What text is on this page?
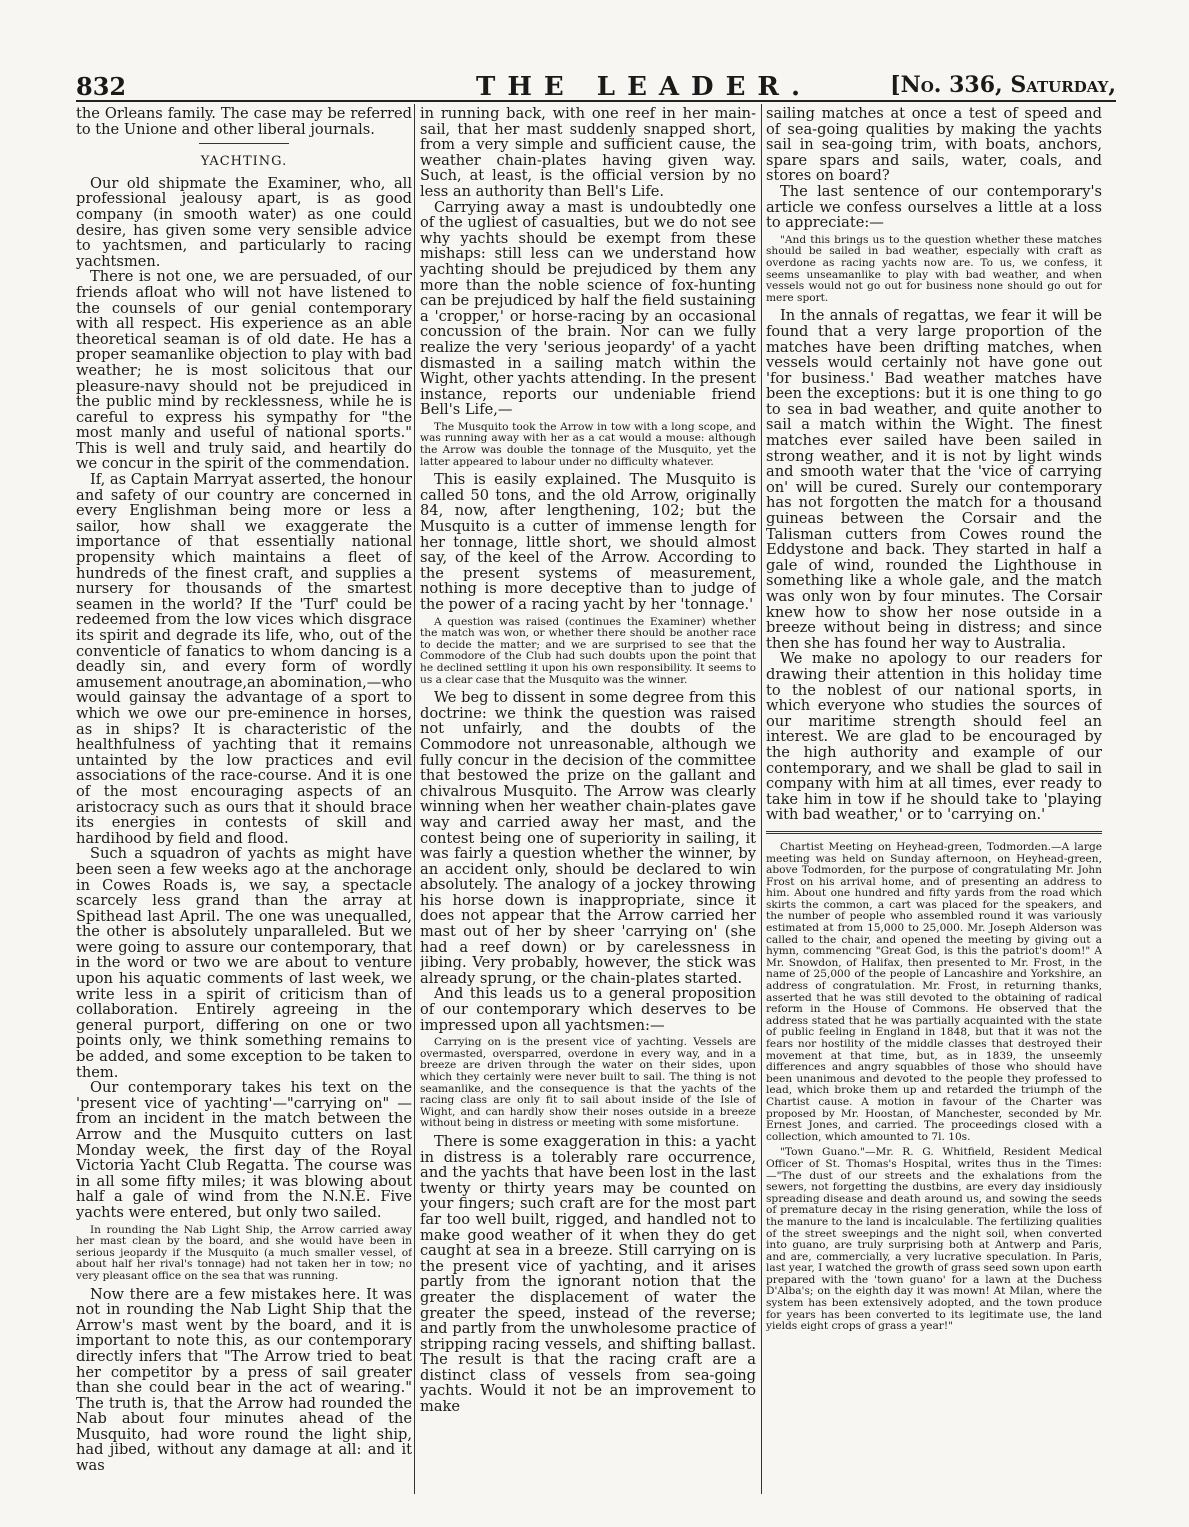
832	THE LEADER.	[No. 336, Saturday,

the Orleans family. The case may be referred to the Unione and other liberal journals.

YACHTING.

Our old shipmate the Examiner, who, all professional jealousy apart, is as good company (in smooth water) as one could desire, has given some very sensible advice to yachtsmen, and particularly to racing yachtsmen.

There is not one, we are persuaded, of our friends afloat who will not have listened to the counsels of our genial contemporary with all respect. His experience as an able theoretical seaman is of old date. He has a proper seamanlike objection to play with bad weather; he is most solicitous that our pleasure-navy should not be prejudiced in the public mind by recklessness, while he is careful to express his sympathy for "the most manly and useful of national sports." This is well and truly said, and heartily do we concur in the spirit of the commendation.

If, as Captain Marryat asserted, the honour and safety of our country are concerned in every Englishman being more or less a sailor, how shall we exaggerate the importance of that essentially national propensity which maintains a fleet of hundreds of the finest craft, and supplies a nursery for thousands of the smartest seamen in the world? If the 'Turf' could be redeemed from the low vices which disgrace its spirit and degrade its life, who, out of the conventicle of fanatics to whom dancing is a deadly sin, and every form of wordly amusement anoutrage,an abomination,—who would gainsay the advantage of a sport to which we owe our pre-eminence in horses, as in ships? It is characteristic of the healthfulness of yachting that it remains untainted by the low practices and evil associations of the race-course. And it is one of the most encouraging aspects of an aristocracy such as ours that it should brace its energies in contests of skill and hardihood by field and flood.

Such a squadron of yachts as might have been seen a few weeks ago at the anchorage in Cowes Roads is, we say, a spectacle scarcely less grand than the array at Spithead last April. The one was unequalled, the other is absolutely unparalleled. But we were going to assure our contemporary, that in the word or two we are about to venture upon his aquatic comments of last week, we write less in a spirit of criticism than of collaboration. Entirely agreeing in the general purport, differing on one or two points only, we think something remains to be added, and some exception to be taken to them.

Our contemporary takes his text on the 'present vice of yachting'—"carrying on" —from an incident in the match between the Arrow and the Musquito cutters on last Monday week, the first day of the Royal Victoria Yacht Club Regatta. The course was in all some fifty miles; it was blowing about half a gale of wind from the N.N.E. Five yachts were entered, but only two sailed.

In rounding the Nab Light Ship, the Arrow carried away her mast clean by the board, and she would have been in serious jeopardy if the Musquito (a much smaller vessel, of about half her rival's tonnage) had not taken her in tow; no very pleasant office on the sea that was running.

Now there are a few mistakes here. It was not in rounding the Nab Light Ship that the Arrow's mast went by the board, and it is important to note this, as our contemporary directly infers that "The Arrow tried to beat her competitor by a press of sail greater than she could bear in the act of wearing." The truth is, that the Arrow had rounded the Nab about four minutes ahead of the Musquito, had wore round the light ship, had jibed, without any damage at all: and it was

in running back, with one reef in her main-sail, that her mast suddenly snapped short, from a very simple and sufficient cause, the weather chain-plates having given way. Such, at least, is the official version by no less an authority than Bell's Life.

Carrying away a mast is undoubtedly one of the ugliest of casualties, but we do not see why yachts should be exempt from these mishaps: still less can we understand how yachting should be prejudiced by them any more than the noble science of fox-hunting can be prejudiced by half the field sustaining a 'cropper,' or horse-racing by an occasional concussion of the brain. Nor can we fully realize the very 'serious jeopardy' of a yacht dismasted in a sailing match within the Wight, other yachts attending. In the present instance, reports our undeniable friend Bell's Life,—

The Musquito took the Arrow in tow with a long scope, and was running away with her as a cat would a mouse: although the Arrow was double the tonnage of the Musquito, yet the latter appeared to labour under no difficulty whatever.

This is easily explained. The Musquito is called 50 tons, and the old Arrow, originally 84, now, after lengthening, 102; but the Musquito is a cutter of immense length for her tonnage, little short, we should almost say, of the keel of the Arrow. According to the present systems of measurement, nothing is more deceptive than to judge of the power of a racing yacht by her 'tonnage.'

A question was raised (continues the Examiner) whether the match was won, or whether there should be another race to decide the matter; and we are surprised to see that the Commodore of the Club had such doubts upon the point that he declined settling it upon his own responsibility. It seems to us a clear case that the Musquito was the winner.

We beg to dissent in some degree from this doctrine: we think the question was raised not unfairly, and the doubts of the Commodore not unreasonable, although we fully concur in the decision of the committee that bestowed the prize on the gallant and chivalrous Musquito. The Arrow was clearly winning when her weather chain-plates gave way and carried away her mast, and the contest being one of superiority in sailing, it was fairly a question whether the winner, by an accident only, should be declared to win absolutely. The analogy of a jockey throwing his horse down is inappropriate, since it does not appear that the Arrow carried her mast out of her by sheer 'carrying on' (she had a reef down) or by carelessness in jibing. Very probably, however, the stick was already sprung, or the chain-plates started.

And this leads us to a general proposition of our contemporary which deserves to be impressed upon all yachtsmen:—

Carrying on is the present vice of yachting. Vessels are overmasted, oversparred, overdone in every way, and in a breeze are driven through the water on their sides, upon which they certainly were never built to sail. The thing is not seamanlike, and the consequence is that the yachts of the racing class are only fit to sail about inside of the Isle of Wight, and can hardly show their noses outside in a breeze without being in distress or meeting with some misfortune.

There is some exaggeration in this: a yacht in distress is a tolerably rare occurrence, and the yachts that have been lost in the last twenty or thirty years may be counted on your fingers; such craft are for the most part far too well built, rigged, and handled not to make good weather of it when they do get caught at sea in a breeze. Still carrying on is the present vice of yachting, and it arises partly from the ignorant notion that the greater the displacement of water the greater the speed, instead of the reverse; and partly from the unwholesome practice of stripping racing vessels, and shifting ballast. The result is that the racing craft are a distinct class of vessels from sea-going yachts. Would it not be an improvement to make

sailing matches at once a test of speed and of sea-going qualities by making the yachts sail in sea-going trim, with boats, anchors, spare spars and sails, water, coals, and stores on board?

The last sentence of our contemporary's article we confess ourselves a little at a loss to appreciate:—

"And this brings us to the question whether these matches should be sailed in bad weather, especially with craft as overdone as racing yachts now are. To us, we confess, it seems unseamanlike to play with bad weather, and when vessels would not go out for business none should go out for mere sport.

In the annals of regattas, we fear it will be found that a very large proportion of the matches have been drifting matches, when vessels would certainly not have gone out 'for business.' Bad weather matches have been the exceptions: but it is one thing to go to sea in bad weather, and quite another to sail a match within the Wight. The finest matches ever sailed have been sailed in strong weather, and it is not by light winds and smooth water that the 'vice of carrying on' will be cured. Surely our contemporary has not forgotten the match for a thousand guineas between the Corsair and the Talisman cutters from Cowes round the Eddystone and back. They started in half a gale of wind, rounded the Lighthouse in something like a whole gale, and the match was only won by four minutes. The Corsair knew how to show her nose outside in a breeze without being in distress; and since then she has found her way to Australia.

We make no apology to our readers for drawing their attention in this holiday time to the noblest of our national sports, in which everyone who studies the sources of our maritime strength should feel an interest. We are glad to be encouraged by the high authority and example of our contemporary, and we shall be glad to sail in company with him at all times, ever ready to take him in tow if he should take to 'playing with bad weather,' or to 'carrying on.'

Chartist Meeting on Heyhead-green, Todmorden.—A large meeting was held on Sunday afternoon, on Heyhead-green, above Todmorden, for the purpose of congratulating Mr. John Frost on his arrival home, and of presenting an address to him. About one hundred and fifty yards from the road which skirts the common, a cart was placed for the speakers, and the number of people who assembled round it was variously estimated at from 15,000 to 25,000. Mr. Joseph Alderson was called to the chair, and opened the meeting by giving out a hymn, commencing "Great God, is this the patriot's doom!" A Mr. Snowdon, of Halifax, then presented to Mr. Frost, in the name of 25,000 of the people of Lancashire and Yorkshire, an address of congratulation. Mr. Frost, in returning thanks, asserted that he was still devoted to the obtaining of radical reform in the House of Commons. He observed that the address stated that he was partially acquainted with the state of public feeling in England in 1848, but that it was not the fears nor hostility of the middle classes that destroyed their movement at that time, but, as in 1839, the unseemly differences and angry squabbles of those who should have been unanimous and devoted to the people they professed to lead, which broke them up and retarded the triumph of the Chartist cause. A motion in favour of the Charter was proposed by Mr. Hoostan, of Manchester, seconded by Mr. Ernest Jones, and carried. The proceedings closed with a collection, which amounted to 7l. 10s.

"Town Guano."—Mr. R. G. Whitfield, Resident Medical Officer of St. Thomas's Hospital, writes thus in the Times:—"The dust of our streets and the exhalations from the sewers, not forgetting the dustbins, are every day insidiously spreading disease and death around us, and sowing the seeds of premature decay in the rising generation, while the loss of the manure to the land is incalculable. The fertilizing qualities of the street sweepings and the night soil, when converted into guano, are truly surprising both at Antwerp and Paris, and are, commercially, a very lucrative speculation. In Paris, last year, I watched the growth of grass seed sown upon earth prepared with the 'town guano' for a lawn at the Duchess D'Alba's; on the eighth day it was mown! At Milan, where the system has been extensively adopted, and the town produce for years has been converted to its legitimate use, the land yields eight crops of grass a year!"
